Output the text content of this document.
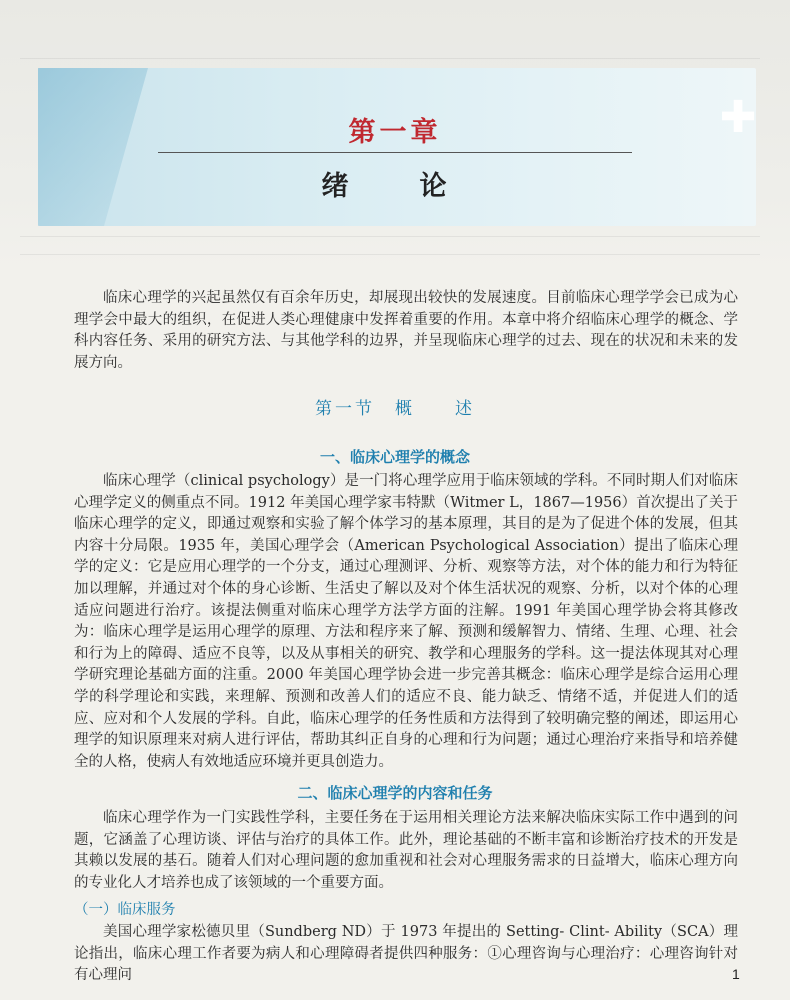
✚
第一章
绪　论

临床心理学的兴起虽然仅有百余年历史，却展现出较快的发展速度。目前临床心理学学会已成为心理学会中最大的组织，在促进人类心理健康中发挥着重要的作用。本章中将介绍临床心理学的概念、学科内容任务、采用的研究方法、与其他学科的边界，并呈现临床心理学的过去、现在的状况和未来的发展方向。

第一节　概　　述
一、临床心理学的概念

临床心理学（clinical psychology）是一门将心理学应用于临床领域的学科。不同时期人们对临床心理学定义的侧重点不同。1912 年美国心理学家韦特默（Witmer L，1867—1956）首次提出了关于临床心理学的定义，即通过观察和实验了解个体学习的基本原理，其目的是为了促进个体的发展，但其内容十分局限。1935 年，美国心理学会（American Psychological Association）提出了临床心理学的定义：它是应用心理学的一个分支，通过心理测评、分析、观察等方法，对个体的能力和行为特征加以理解，并通过对个体的身心诊断、生活史了解以及对个体生活状况的观察、分析，以对个体的心理适应问题进行治疗。该提法侧重对临床心理学方法学方面的注解。1991 年美国心理学协会将其修改为：临床心理学是运用心理学的原理、方法和程序来了解、预测和缓解智力、情绪、生理、心理、社会和行为上的障碍、适应不良等，以及从事相关的研究、教学和心理服务的学科。这一提法体现其对心理学研究理论基础方面的注重。2000 年美国心理学协会进一步完善其概念：临床心理学是综合运用心理学的科学理论和实践，来理解、预测和改善人们的适应不良、能力缺乏、情绪不适，并促进人们的适应、应对和个人发展的学科。自此，临床心理学的任务性质和方法得到了较明确完整的阐述，即运用心理学的知识原理来对病人进行评估，帮助其纠正自身的心理和行为问题；通过心理治疗来指导和培养健全的人格，使病人有效地适应环境并更具创造力。

二、临床心理学的内容和任务

临床心理学作为一门实践性学科，主要任务在于运用相关理论方法来解决临床实际工作中遇到的问题，它涵盖了心理访谈、评估与治疗的具体工作。此外，理论基础的不断丰富和诊断治疗技术的开发是其赖以发展的基石。随着人们对心理问题的愈加重视和社会对心理服务需求的日益增大，临床心理方向的专业化人才培养也成了该领域的一个重要方面。

（一）临床服务

美国心理学家松德贝里（Sundberg ND）于 1973 年提出的 Setting- Clint- Ability（SCA）理论指出，临床心理工作者要为病人和心理障碍者提供四种服务：①心理咨询与心理治疗：心理咨询针对有心理问	1
